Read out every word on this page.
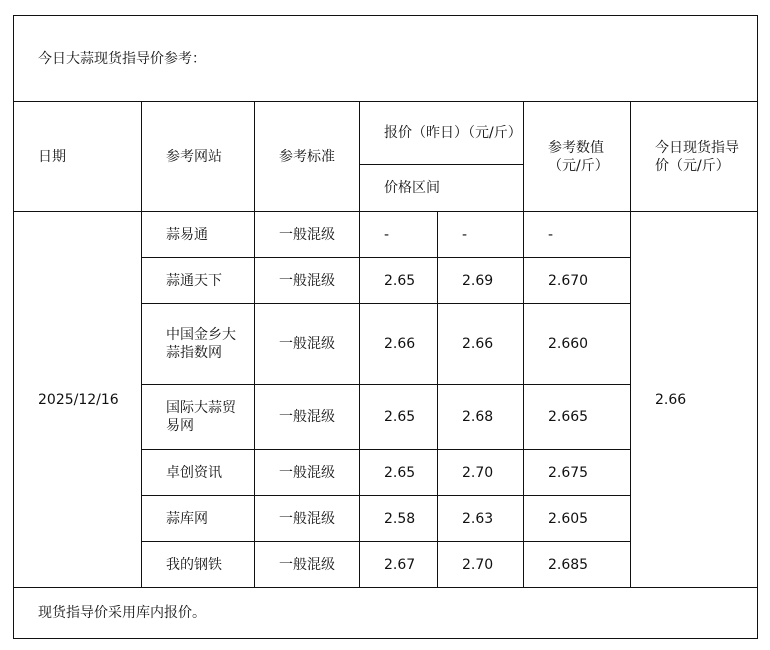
今日大蒜现货指导价参考：						
日期	参考网站	参考标准	报价（昨日）（元/斤）		参考数值（元/斤）	今日现货指导价（元/斤）
			价格区间			
2025/12/16	蒜易通	一般混级	-	-	-	2.66
	蒜通天下	一般混级	2.65	2.69	2.670	
	中国金乡大蒜指数网	一般混级	2.66	2.66	2.660	
	国际大蒜贸易网	一般混级	2.65	2.68	2.665	
	卓创资讯	一般混级	2.65	2.70	2.675	
	蒜库网	一般混级	2.58	2.63	2.605	
	我的钢铁	一般混级	2.67	2.70	2.685	
现货指导价采用库内报价。						
